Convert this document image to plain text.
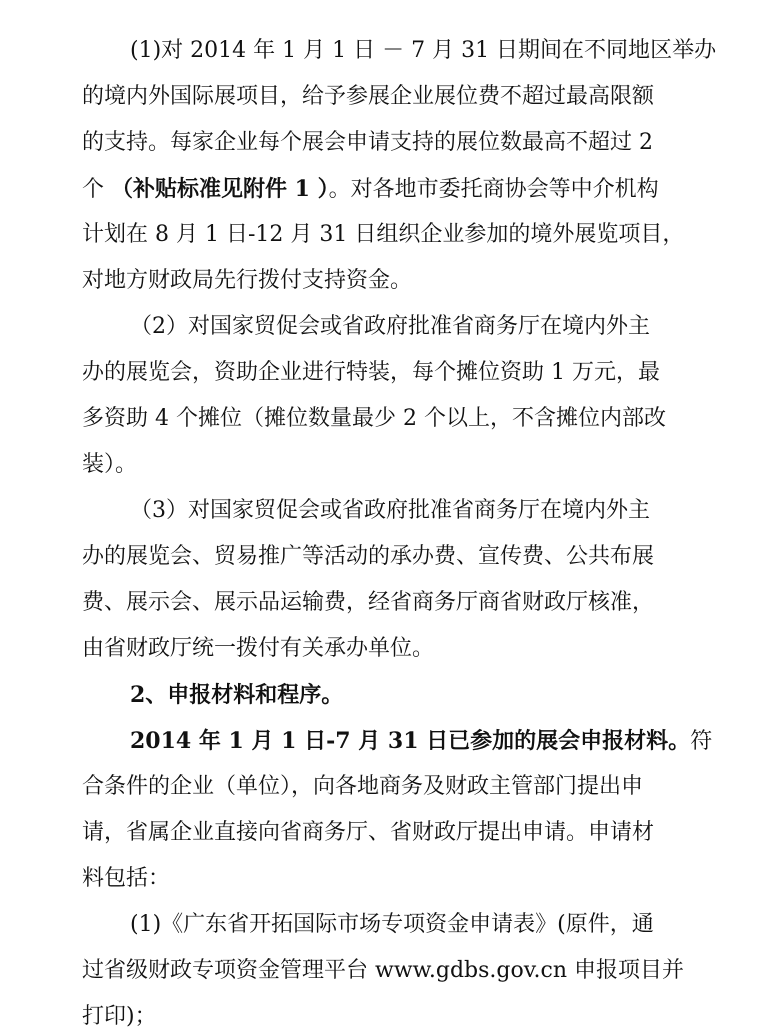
(1)对 2014 年 1 月 1 日 － 7 月 31 日期间在不同地区举办
的境内外国际展项目，给予参展企业展位费不超过最高限额
的支持。每家企业每个展会申请支持的展位数最高不超过 2
个 （补贴标准见附件 1 ）。对各地市委托商协会等中介机构
计划在 8 月 1 日-12 月 31 日组织企业参加的境外展览项目，
对地方财政局先行拨付支持资金。
（2）对国家贸促会或省政府批准省商务厅在境内外主
办的展览会，资助企业进行特装，每个摊位资助 1 万元，最
多资助 4 个摊位（摊位数量最少 2 个以上，不含摊位内部改
装）。
（3）对国家贸促会或省政府批准省商务厅在境内外主
办的展览会、贸易推广等活动的承办费、宣传费、公共布展
费、展示会、展示品运输费，经省商务厅商省财政厅核准，
由省财政厅统一拨付有关承办单位。
2、申报材料和程序。
2014 年 1 月 1 日-7 月 31 日已参加的展会申报材料。符
合条件的企业（单位），向各地商务及财政主管部门提出申
请，省属企业直接向省商务厅、省财政厅提出申请。申请材
料包括：
(1)《广东省开拓国际市场专项资金申请表》(原件，通
过省级财政专项资金管理平台 www.gdbs.gov.cn 申报项目并
打印)；
